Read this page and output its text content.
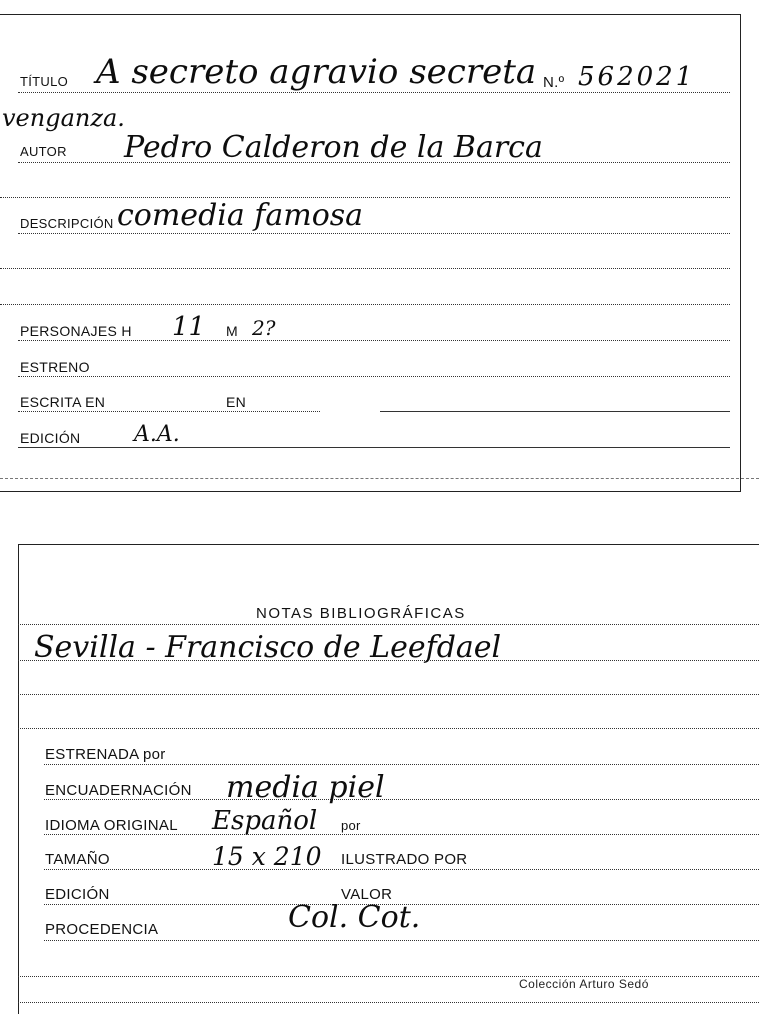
TÍTULO A secreto agravio secreta N.º 562021
venganza.
AUTOR Pedro Calderon de la Barca
DESCRIPCIÓN comedia famosa
PERSONAJES H 11 M 2?
ESTRENO
ESCRITA EN	EN
EDICIÓN A.A.
NOTAS BIBLIOGRÁFICAS
Sevilla - Francisco de Leefdael
ESTRENADA por
ENCUADERNACIÓN media piel
IDIOMA ORIGINAL Español por
TAMAÑO	15 x 210 ILUSTRADO POR
EDICIÓN	VALOR
PROCEDENCIA	Col. Cot.
Colección Arturo Sedó
